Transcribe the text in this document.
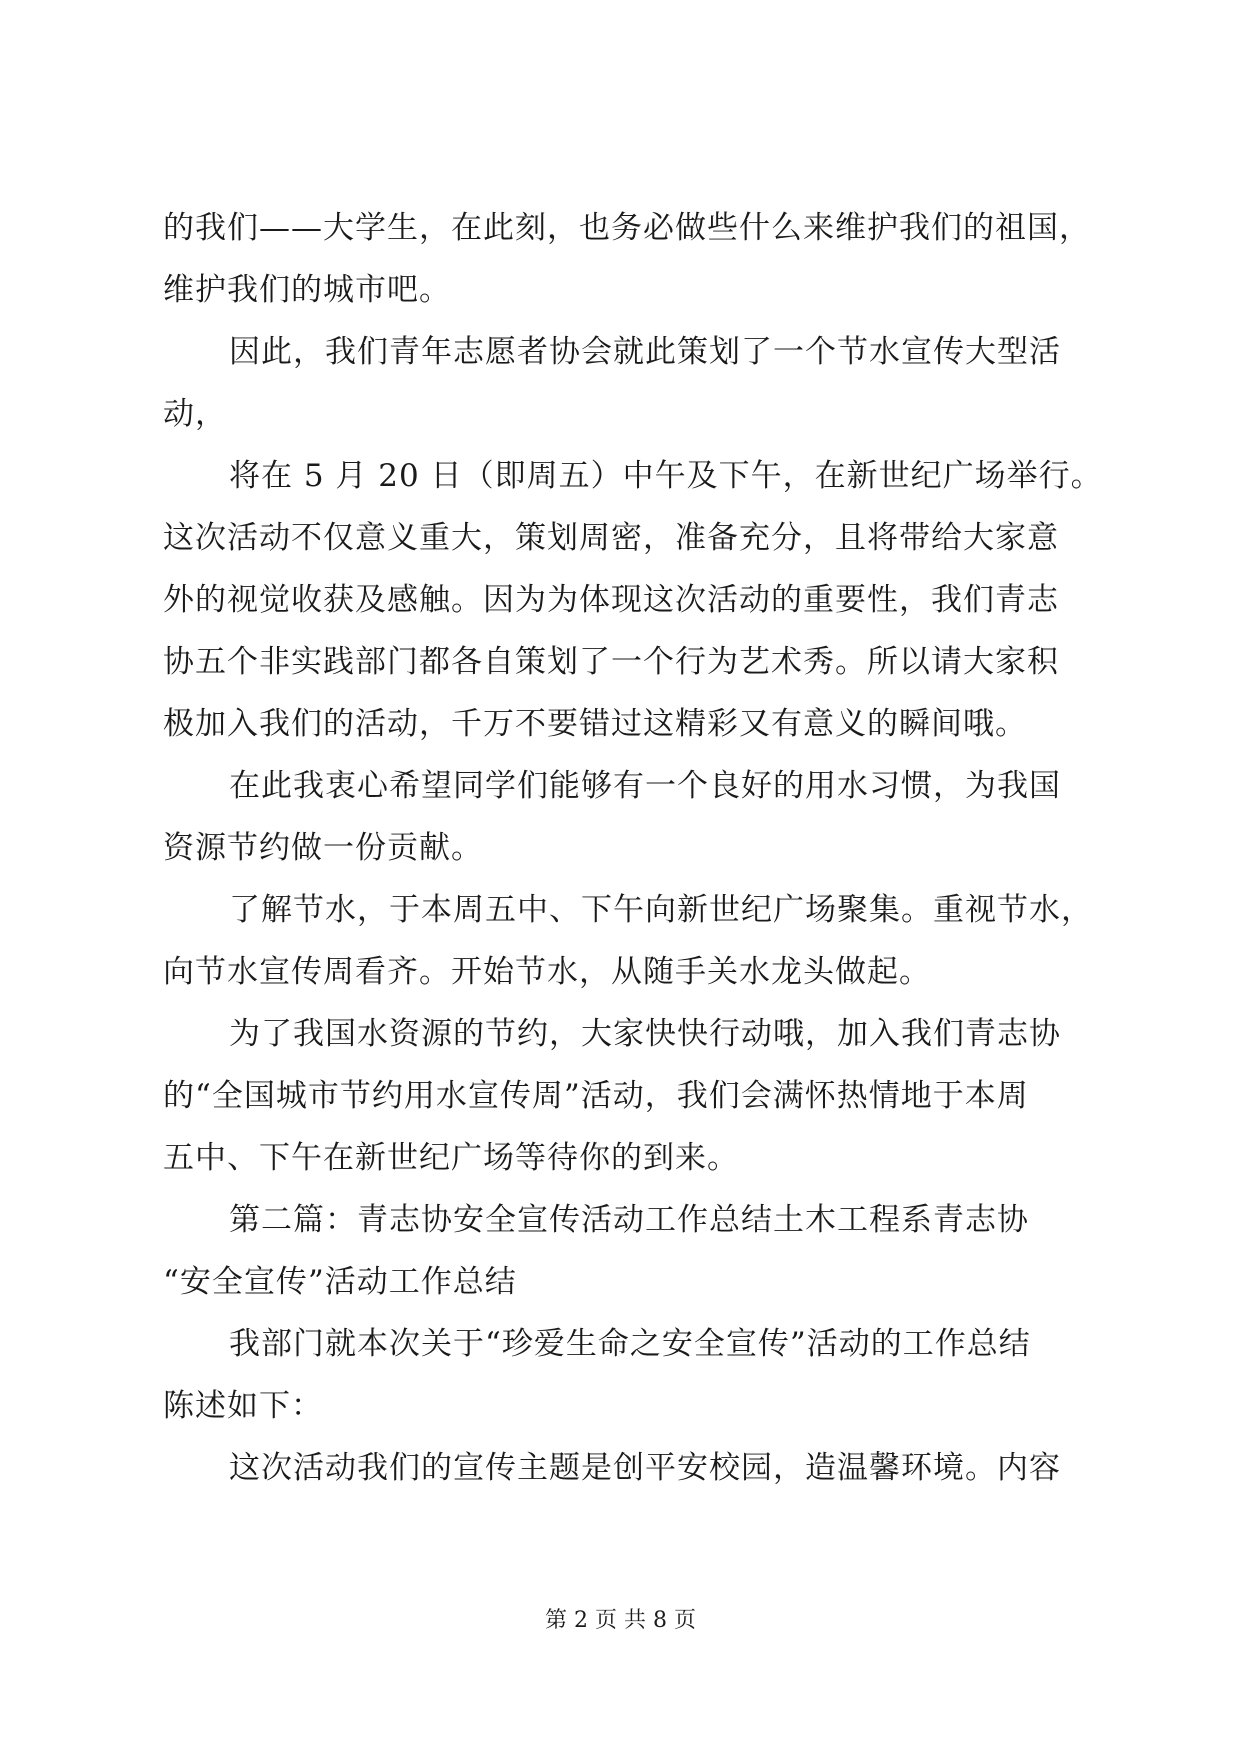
的我们——大学生，在此刻，也务必做些什么来维护我们的祖国，
维护我们的城市吧。
因此，我们青年志愿者协会就此策划了一个节水宣传大型活
动，
将在 5 月 20 日（即周五）中午及下午，在新世纪广场举行。
这次活动不仅意义重大，策划周密，准备充分，且将带给大家意
外的视觉收获及感触。因为为体现这次活动的重要性，我们青志
协五个非实践部门都各自策划了一个行为艺术秀。所以请大家积
极加入我们的活动，千万不要错过这精彩又有意义的瞬间哦。
在此我衷心希望同学们能够有一个良好的用水习惯，为我国
资源节约做一份贡献。
了解节水，于本周五中、下午向新世纪广场聚集。重视节水，
向节水宣传周看齐。开始节水，从随手关水龙头做起。
为了我国水资源的节约，大家快快行动哦，加入我们青志协
的“全国城市节约用水宣传周”活动，我们会满怀热情地于本周
五中、下午在新世纪广场等待你的到来。
第二篇：青志协安全宣传活动工作总结土木工程系青志协
“安全宣传”活动工作总结
我部门就本次关于“珍爱生命之安全宣传”活动的工作总结
陈述如下：
这次活动我们的宣传主题是创平安校园，造温馨环境。内容
第 2 页 共 8 页
